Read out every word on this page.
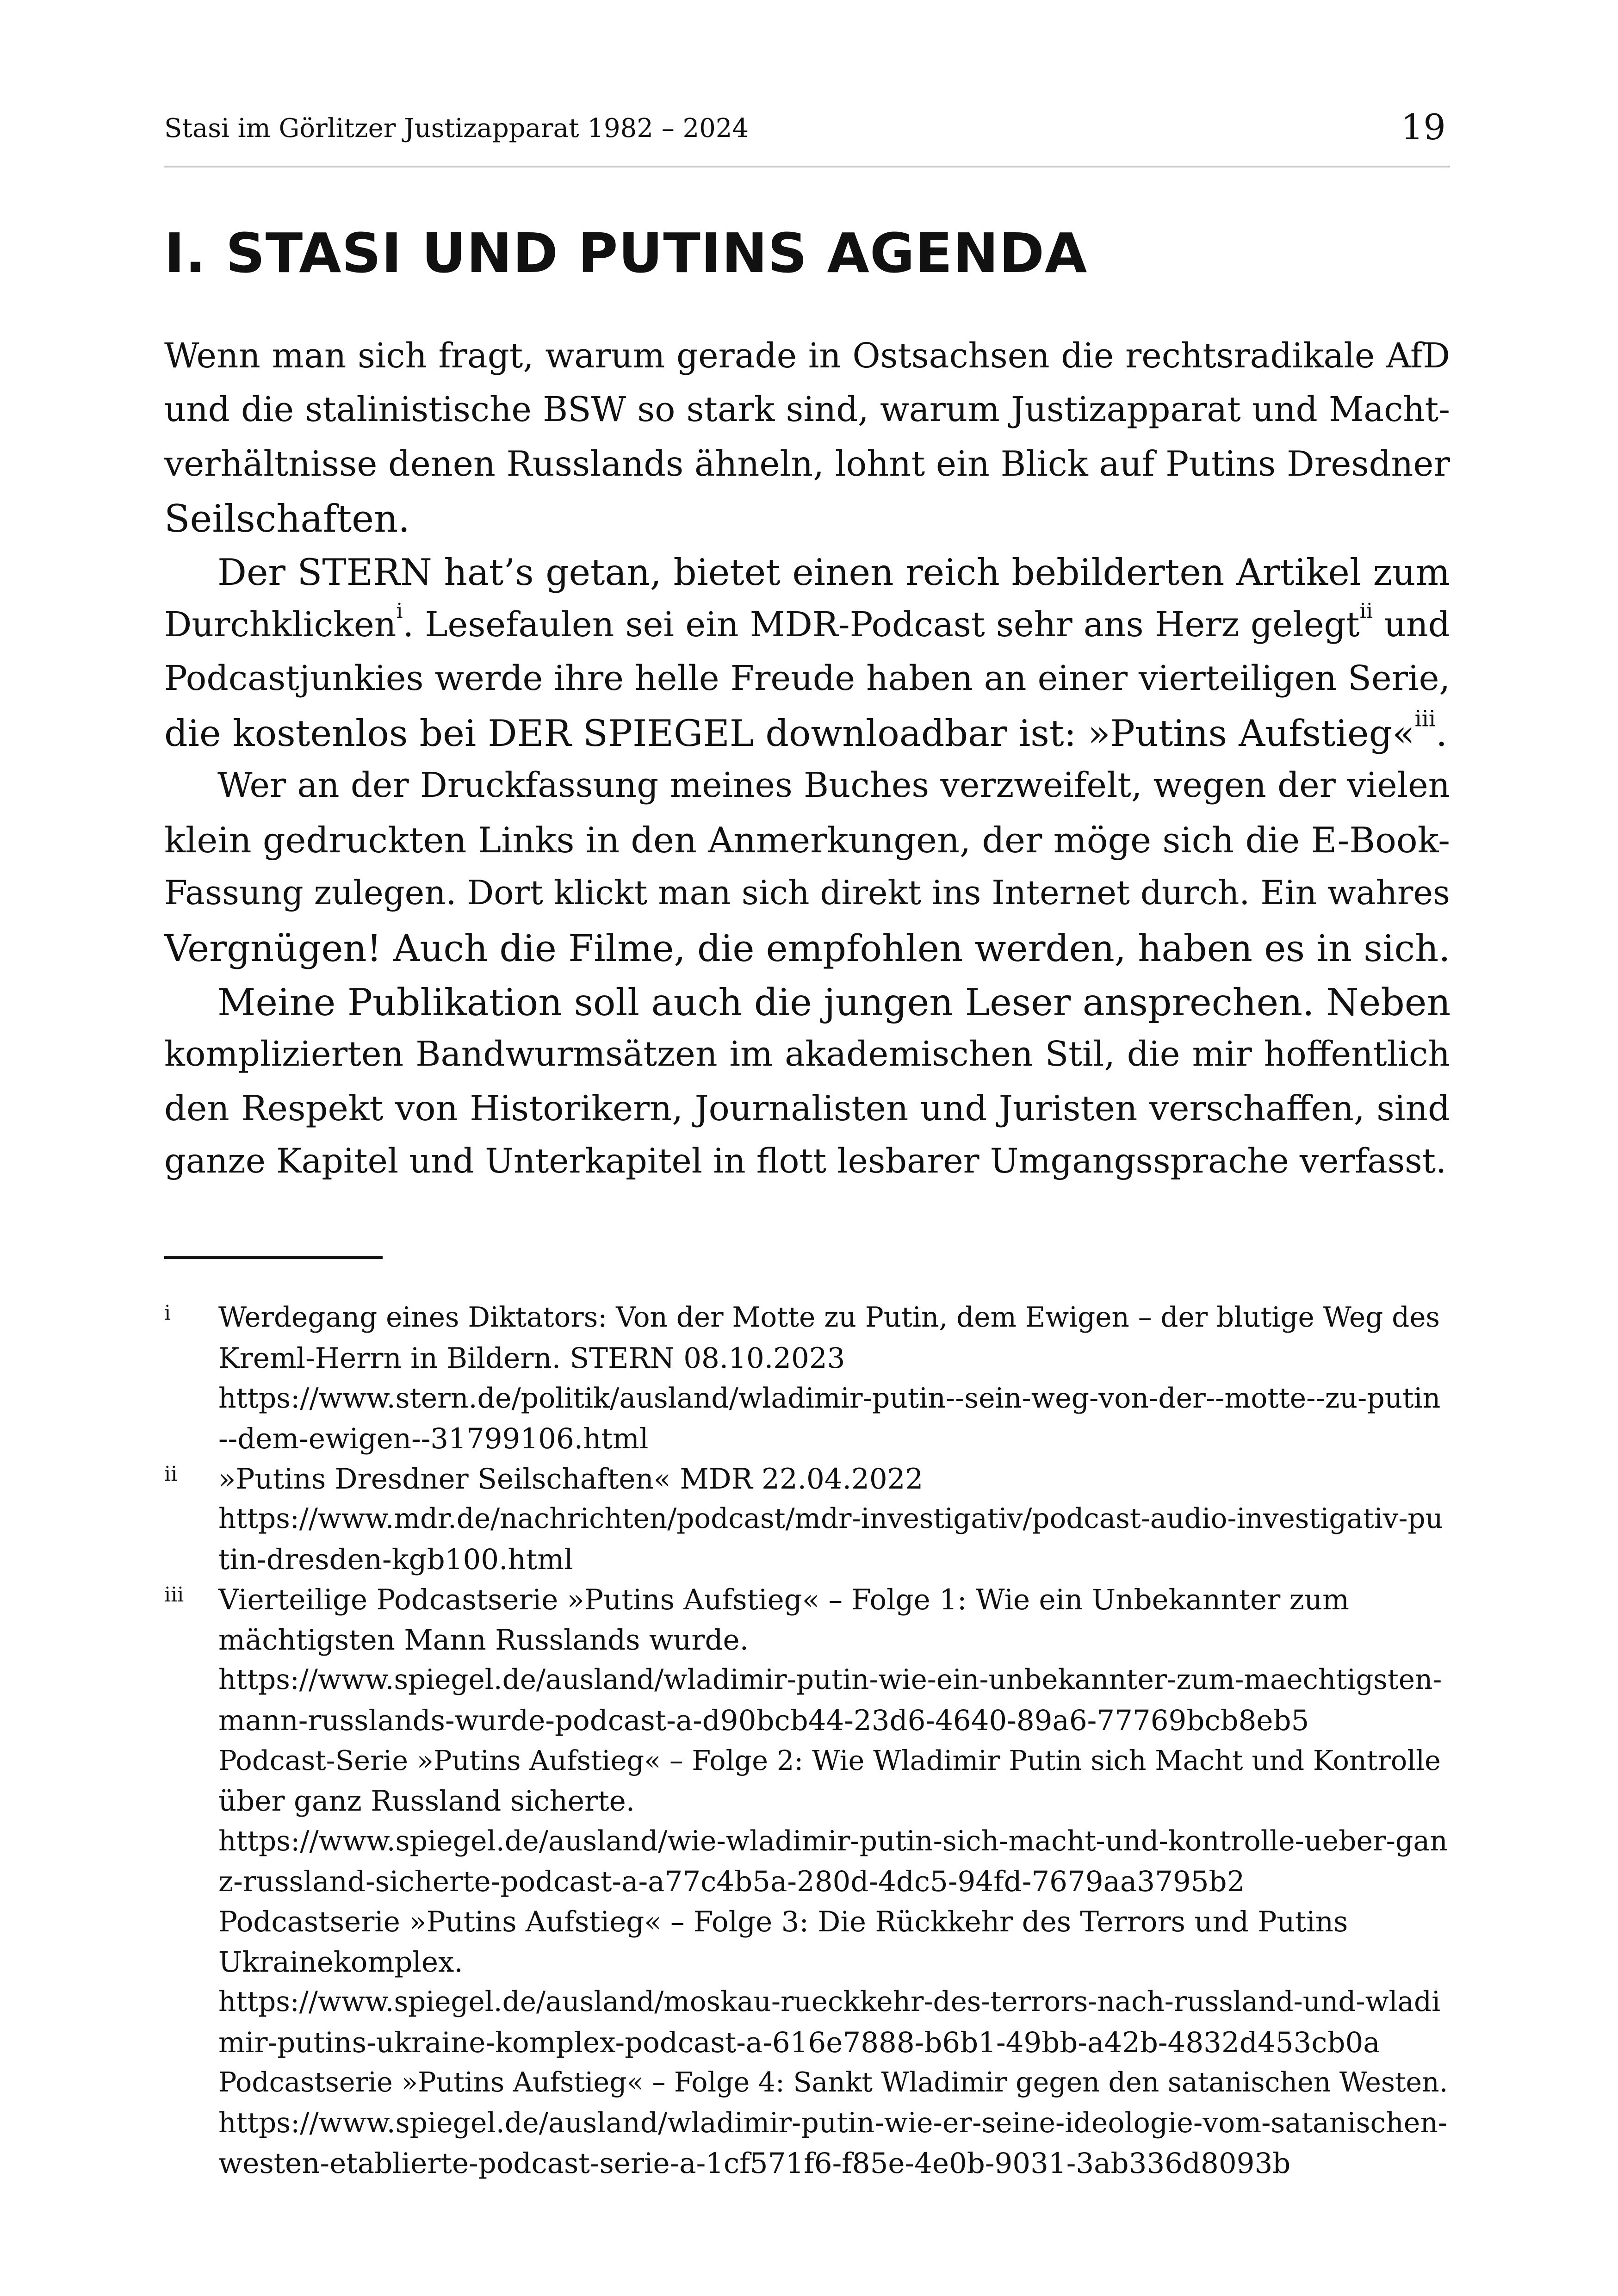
Stasi im Görlitzer Justizapparat 1982 – 2024	19
I. STASI UND PUTINS AGENDA

Wenn man sich fragt, warum gerade in Ostsachsen die rechtsradikale AfD

und die stalinistische BSW so stark sind, warum Justizapparat und Macht-

verhältnisse denen Russlands ähneln, lohnt ein Blick auf Putins Dresdner

Seilschaften.

Der STERN hat’s getan, bietet einen reich bebilderten Artikel zum

Durchklicken$^i$. Lesefaulen sei ein MDR-Podcast sehr ans Herz gelegt$^{ii}$ und

Podcastjunkies werde ihre helle Freude haben an einer vierteiligen Serie,

die kostenlos bei DER SPIEGEL downloadbar ist: »Putins Aufstieg«$^{iii}$.

Wer an der Druckfassung meines Buches verzweifelt, wegen der vielen

klein gedruckten Links in den Anmerkungen, der möge sich die E-Book-

Fassung zulegen. Dort klickt man sich direkt ins Internet durch. Ein wahres

Vergnügen! Auch die Filme, die empfohlen werden, haben es in sich.

Meine Publikation soll auch die jungen Leser ansprechen. Neben

komplizierten Bandwurmsätzen im akademischen Stil, die mir hoffentlich

den Respekt von Historikern, Journalisten und Juristen verschaffen, sind

ganze Kapitel und Unterkapitel in flott lesbarer Umgangssprache verfasst.

i Werdegang eines Diktators: Von der Motte zu Putin, dem Ewigen – der blutige Weg des

Kreml-Herrn in Bildern. STERN 08.10.2023

https://www.stern.de/politik/ausland/wladimir-putin--sein-weg-von-der--motte--zu-putin

--dem-ewigen--31799106.html

ii »Putins Dresdner Seilschaften« MDR 22.04.2022

https://www.mdr.de/nachrichten/podcast/mdr-investigativ/podcast-audio-investigativ-pu

tin-dresden-kgb100.html

iii Vierteilige Podcastserie »Putins Aufstieg« – Folge 1: Wie ein Unbekannter zum

mächtigsten Mann Russlands wurde.

https://www.spiegel.de/ausland/wladimir-putin-wie-ein-unbekannter-zum-maechtigsten-

mann-russlands-wurde-podcast-a-d90bcb44-23d6-4640-89a6-77769bcb8eb5

Podcast-Serie »Putins Aufstieg« – Folge 2: Wie Wladimir Putin sich Macht und Kontrolle

über ganz Russland sicherte.

https://www.spiegel.de/ausland/wie-wladimir-putin-sich-macht-und-kontrolle-ueber-gan

z-russland-sicherte-podcast-a-a77c4b5a-280d-4dc5-94fd-7679aa3795b2

Podcastserie »Putins Aufstieg« – Folge 3: Die Rückkehr des Terrors und Putins

Ukrainekomplex.

https://www.spiegel.de/ausland/moskau-rueckkehr-des-terrors-nach-russland-und-wladi

mir-putins-ukraine-komplex-podcast-a-616e7888-b6b1-49bb-a42b-4832d453cb0a

Podcastserie »Putins Aufstieg« – Folge 4: Sankt Wladimir gegen den satanischen Westen.

https://www.spiegel.de/ausland/wladimir-putin-wie-er-seine-ideologie-vom-satanischen-

westen-etablierte-podcast-serie-a-1cf571f6-f85e-4e0b-9031-3ab336d8093b
